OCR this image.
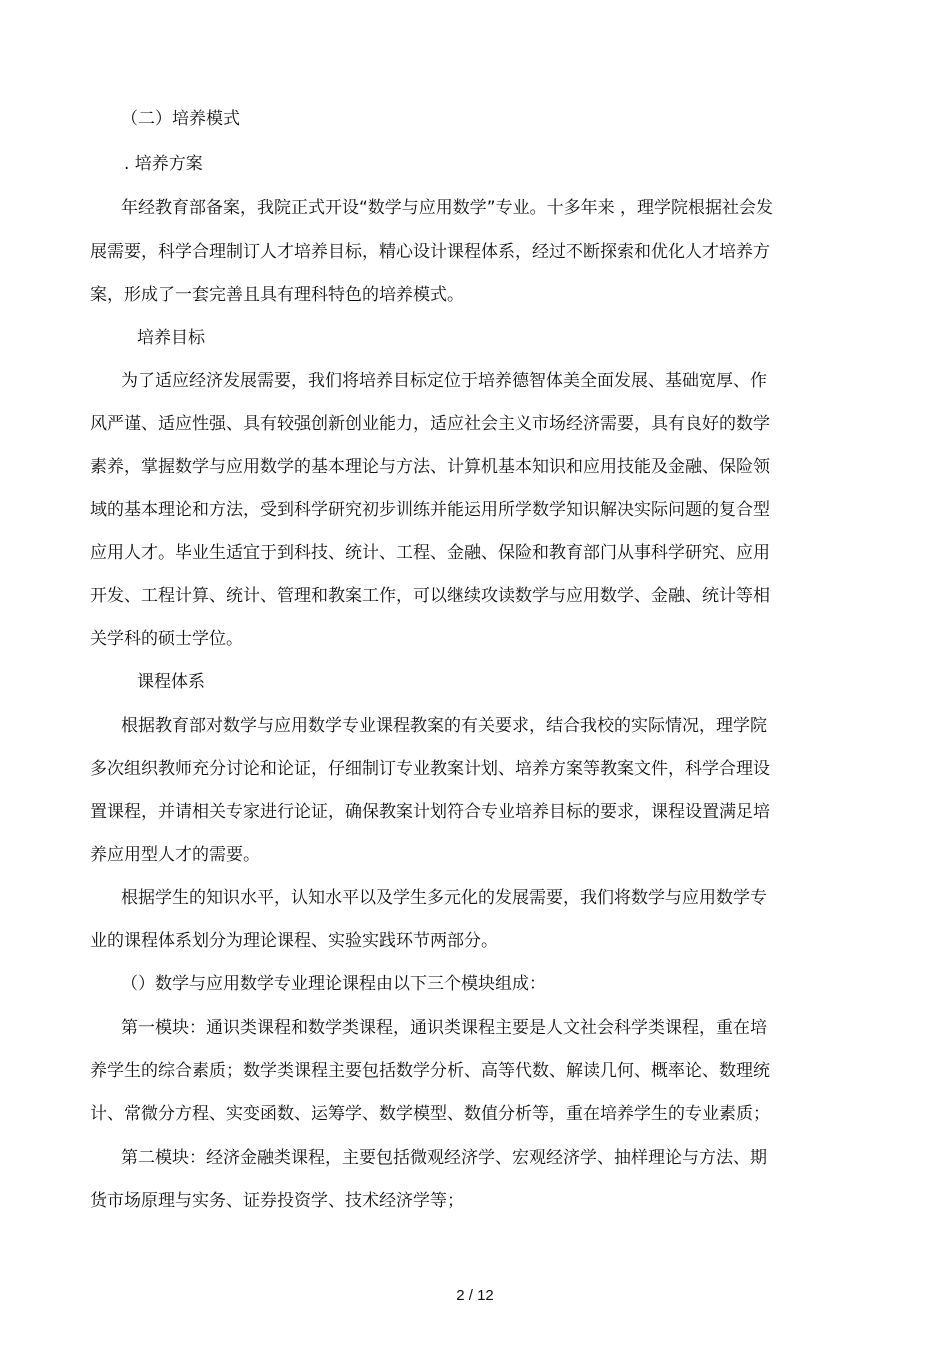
（二）培养模式

. 培养方案

年经教育部备案，我院正式开设“数学与应用数学”专业。十多年来 ，理学院根据社会发

展需要，科学合理制订人才培养目标，精心设计课程体系，经过不断探索和优化人才培养方

案，形成了一套完善且具有理科特色的培养模式。

培养目标

为了适应经济发展需要，我们将培养目标定位于培养德智体美全面发展、基础宽厚、作

风严谨、适应性强、具有较强创新创业能力，适应社会主义市场经济需要，具有良好的数学

素养，掌握数学与应用数学的基本理论与方法、计算机基本知识和应用技能及金融、保险领

域的基本理论和方法，受到科学研究初步训练并能运用所学数学知识解决实际问题的复合型

应用人才。毕业生适宜于到科技、统计、工程、金融、保险和教育部门从事科学研究、应用

开发、工程计算、统计、管理和教案工作，可以继续攻读数学与应用数学、金融、统计等相

关学科的硕士学位。

课程体系

根据教育部对数学与应用数学专业课程教案的有关要求，结合我校的实际情况，理学院

多次组织教师充分讨论和论证，仔细制订专业教案计划、培养方案等教案文件，科学合理设

置课程，并请相关专家进行论证，确保教案计划符合专业培养目标的要求，课程设置满足培

养应用型人才的需要。

根据学生的知识水平，认知水平以及学生多元化的发展需要，我们将数学与应用数学专

业的课程体系划分为理论课程、实验实践环节两部分。

（）数学与应用数学专业理论课程由以下三个模块组成：

第一模块：通识类课程和数学类课程，通识类课程主要是人文社会科学类课程，重在培

养学生的综合素质；数学类课程主要包括数学分析、高等代数、解读几何、概率论、数理统

计、常微分方程、实变函数、运筹学、数学模型、数值分析等，重在培养学生的专业素质；

第二模块：经济金融类课程，主要包括微观经济学、宏观经济学、抽样理论与方法、期

货市场原理与实务、证券投资学、技术经济学等；

2 / 12
